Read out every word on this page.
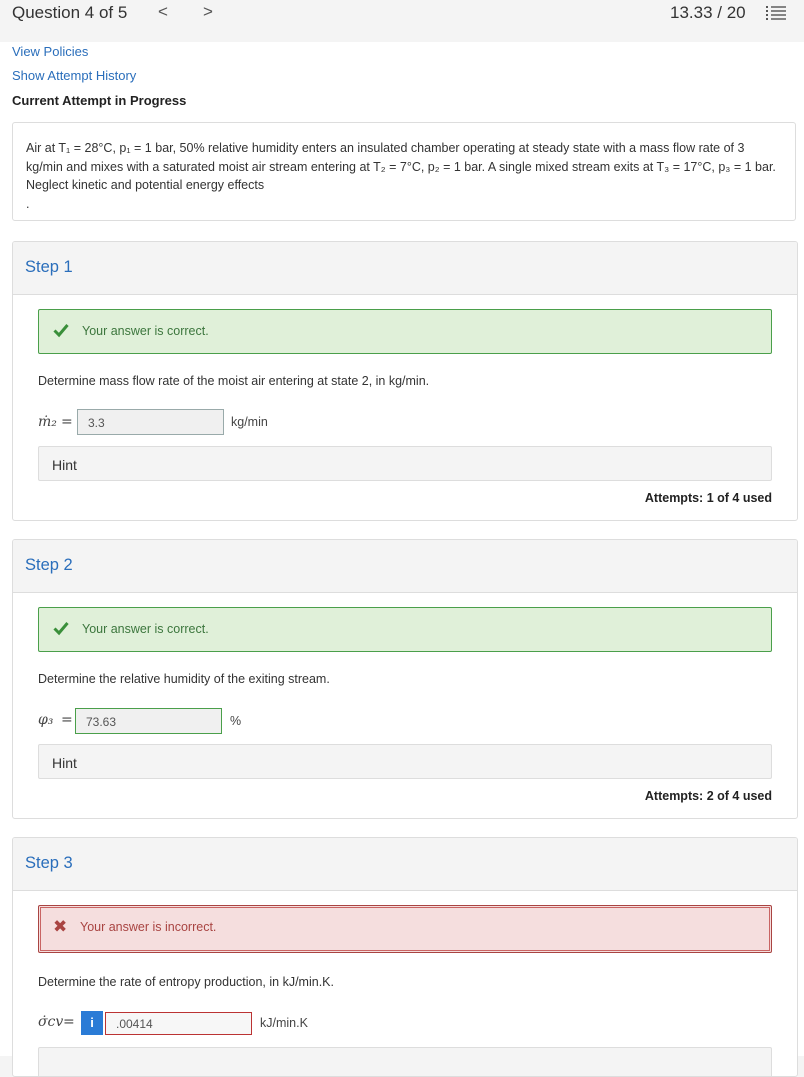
Question 4 of 5 < >	13.33 / 20
View Policies
Show Attempt History
Current Attempt in Progress
Air at T₁ = 28°C, p₁ = 1 bar, 50% relative humidity enters an insulated chamber operating at steady state with a mass flow rate of 3 kg/min and mixes with a saturated moist air stream entering at T₂ = 7°C, p₂ = 1 bar. A single mixed stream exits at T₃ = 17°C, p₃ = 1 bar. Neglect kinetic and potential energy effects
.
Step 1
Your answer is correct.
Determine mass flow rate of the moist air entering at state 2, in kg/min.
ṁ₂ =	3.3	kg/min
Hint
Attempts: 1 of 4 used
Step 2
Your answer is correct.
Determine the relative humidity of the exiting stream.
φ₃ =	73.63	%
Hint
Attempts: 2 of 4 used
Step 3
✖ Your answer is incorrect.
Determine the rate of entropy production, in kJ/min.K.
σ̇cv =	i	.00414	kJ/min.K
